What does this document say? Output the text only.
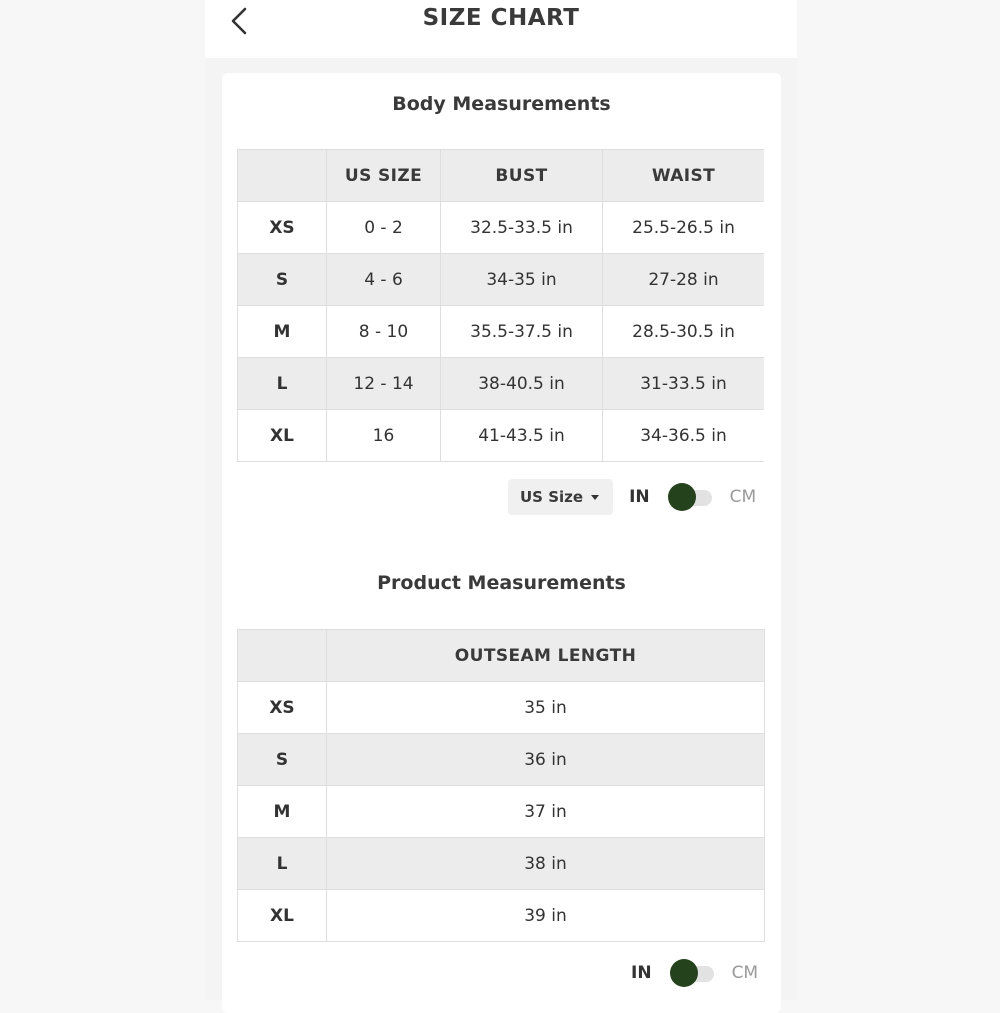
SIZE CHART
Body Measurements
	US SIZE	BUST	WAIST
XS	0 - 2	32.5-33.5 in	25.5-26.5 in
S	4 - 6	34-35 in	27-28 in
M	8 - 10	35.5-37.5 in	28.5-30.5 in
L	12 - 14	38-40.5 in	31-33.5 in
XL	16	41-43.5 in	34-36.5 in
US Size	IN	CM
Product Measurements
	OUTSEAM LENGTH
XS	35 in
S	36 in
M	37 in
L	38 in
XL	39 in
IN	CM
